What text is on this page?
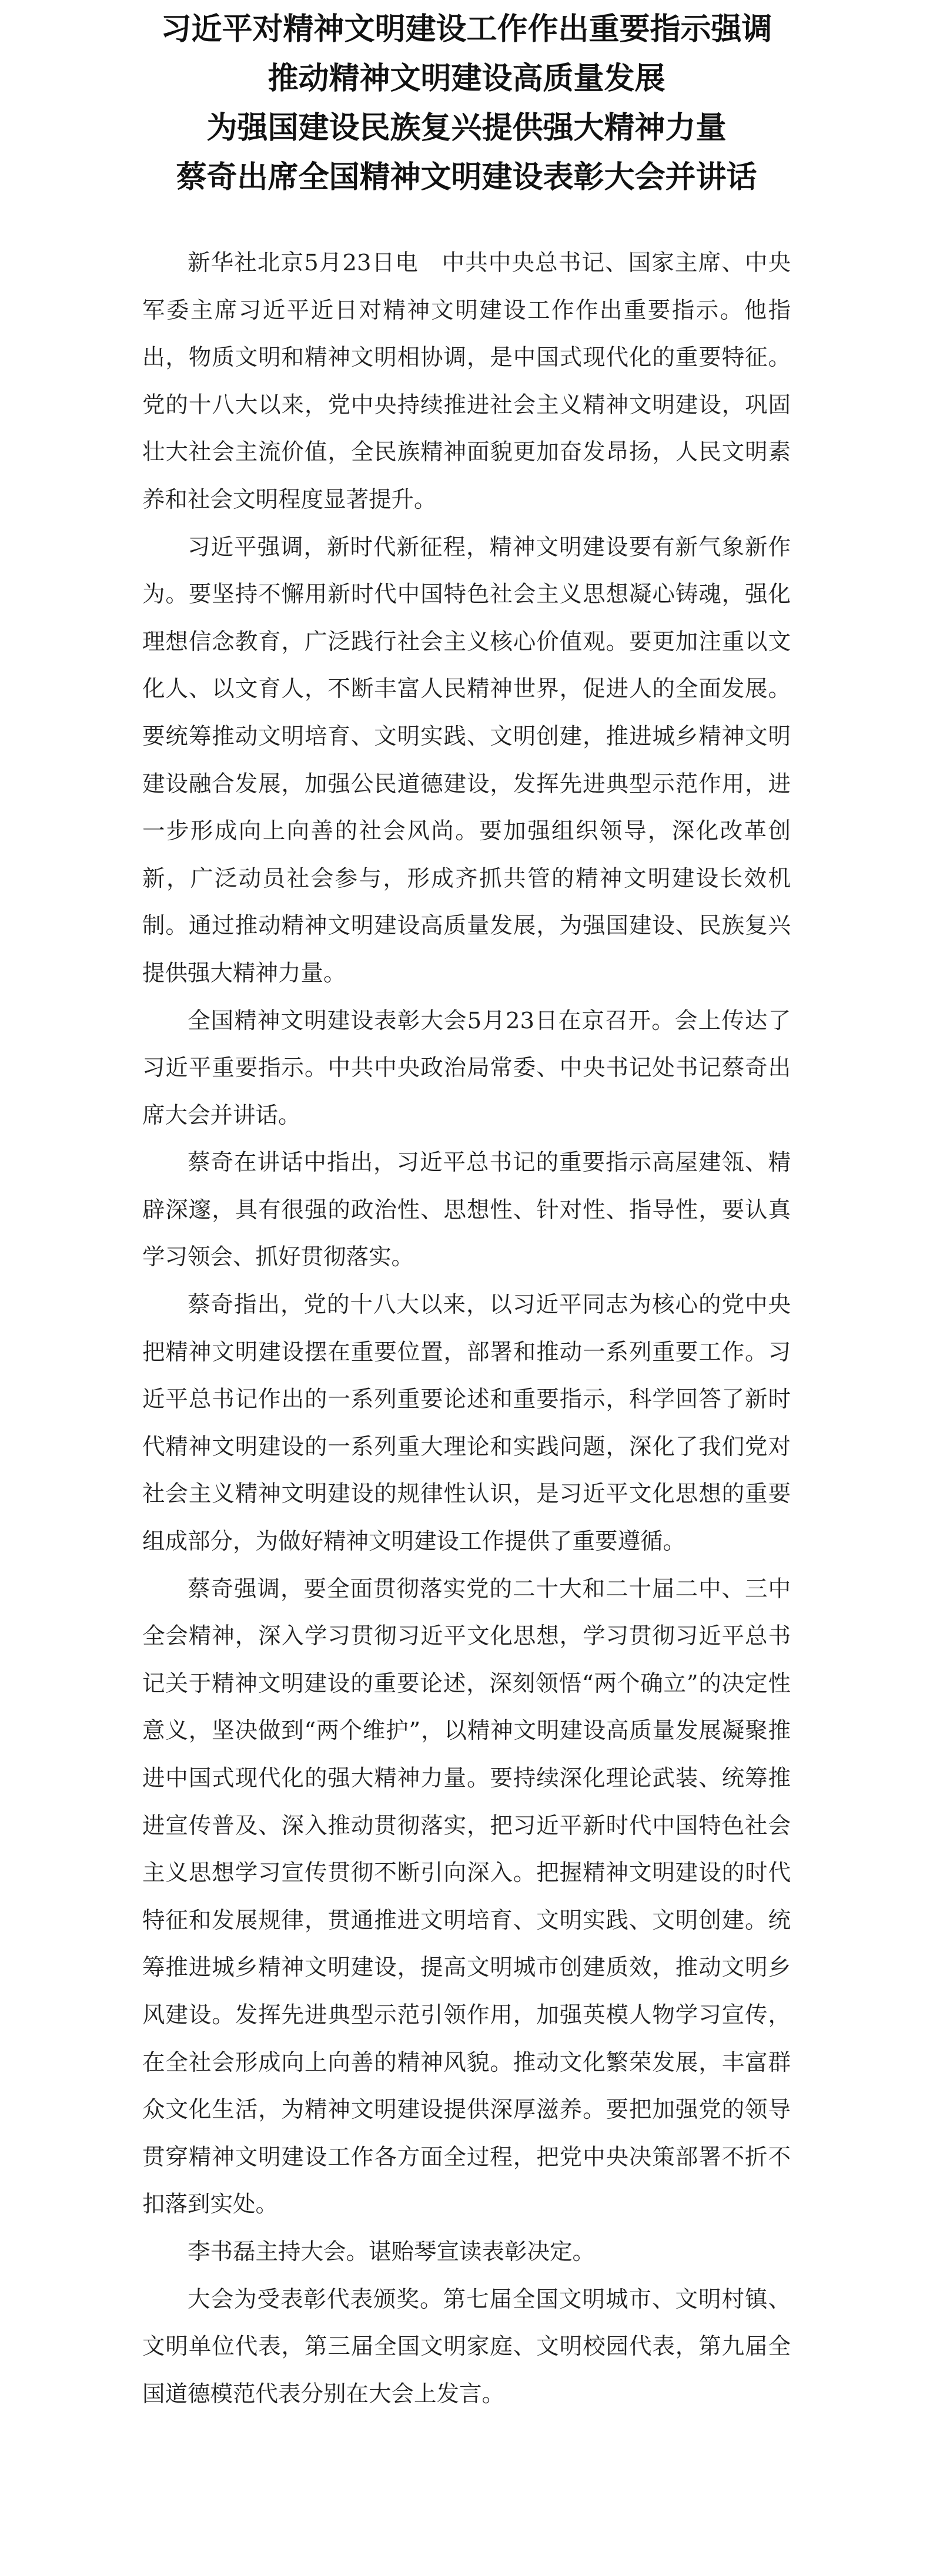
习近平对精神文明建设工作作出重要指示强调
推动精神文明建设高质量发展
为强国建设民族复兴提供强大精神力量
蔡奇出席全国精神文明建设表彰大会并讲话

新华社北京5月23日电　中共中央总书记、国家主席、中央军委主席习近平近日对精神文明建设工作作出重要指示。他指出，物质文明和精神文明相协调，是中国式现代化的重要特征。党的十八大以来，党中央持续推进社会主义精神文明建设，巩固壮大社会主流价值，全民族精神面貌更加奋发昂扬，人民文明素养和社会文明程度显著提升。

习近平强调，新时代新征程，精神文明建设要有新气象新作为。要坚持不懈用新时代中国特色社会主义思想凝心铸魂，强化理想信念教育，广泛践行社会主义核心价值观。要更加注重以文化人、以文育人，不断丰富人民精神世界，促进人的全面发展。要统筹推动文明培育、文明实践、文明创建，推进城乡精神文明建设融合发展，加强公民道德建设，发挥先进典型示范作用，进一步形成向上向善的社会风尚。要加强组织领导，深化改革创新，广泛动员社会参与，形成齐抓共管的精神文明建设长效机制。通过推动精神文明建设高质量发展，为强国建设、民族复兴提供强大精神力量。

全国精神文明建设表彰大会5月23日在京召开。会上传达了习近平重要指示。中共中央政治局常委、中央书记处书记蔡奇出席大会并讲话。

蔡奇在讲话中指出，习近平总书记的重要指示高屋建瓴、精辟深邃，具有很强的政治性、思想性、针对性、指导性，要认真学习领会、抓好贯彻落实。

蔡奇指出，党的十八大以来，以习近平同志为核心的党中央把精神文明建设摆在重要位置，部署和推动一系列重要工作。习近平总书记作出的一系列重要论述和重要指示，科学回答了新时代精神文明建设的一系列重大理论和实践问题，深化了我们党对社会主义精神文明建设的规律性认识，是习近平文化思想的重要组成部分，为做好精神文明建设工作提供了重要遵循。

蔡奇强调，要全面贯彻落实党的二十大和二十届二中、三中全会精神，深入学习贯彻习近平文化思想，学习贯彻习近平总书记关于精神文明建设的重要论述，深刻领悟“两个确立”的决定性意义，坚决做到“两个维护”，以精神文明建设高质量发展凝聚推进中国式现代化的强大精神力量。要持续深化理论武装、统筹推进宣传普及、深入推动贯彻落实，把习近平新时代中国特色社会主义思想学习宣传贯彻不断引向深入。把握精神文明建设的时代特征和发展规律，贯通推进文明培育、文明实践、文明创建。统筹推进城乡精神文明建设，提高文明城市创建质效，推动文明乡风建设。发挥先进典型示范引领作用，加强英模人物学习宣传，在全社会形成向上向善的精神风貌。推动文化繁荣发展，丰富群众文化生活，为精神文明建设提供深厚滋养。要把加强党的领导贯穿精神文明建设工作各方面全过程，把党中央决策部署不折不扣落到实处。

李书磊主持大会。谌贻琴宣读表彰决定。

大会为受表彰代表颁奖。第七届全国文明城市、文明村镇、文明单位代表，第三届全国文明家庭、文明校园代表，第九届全国道德模范代表分别在大会上发言。
